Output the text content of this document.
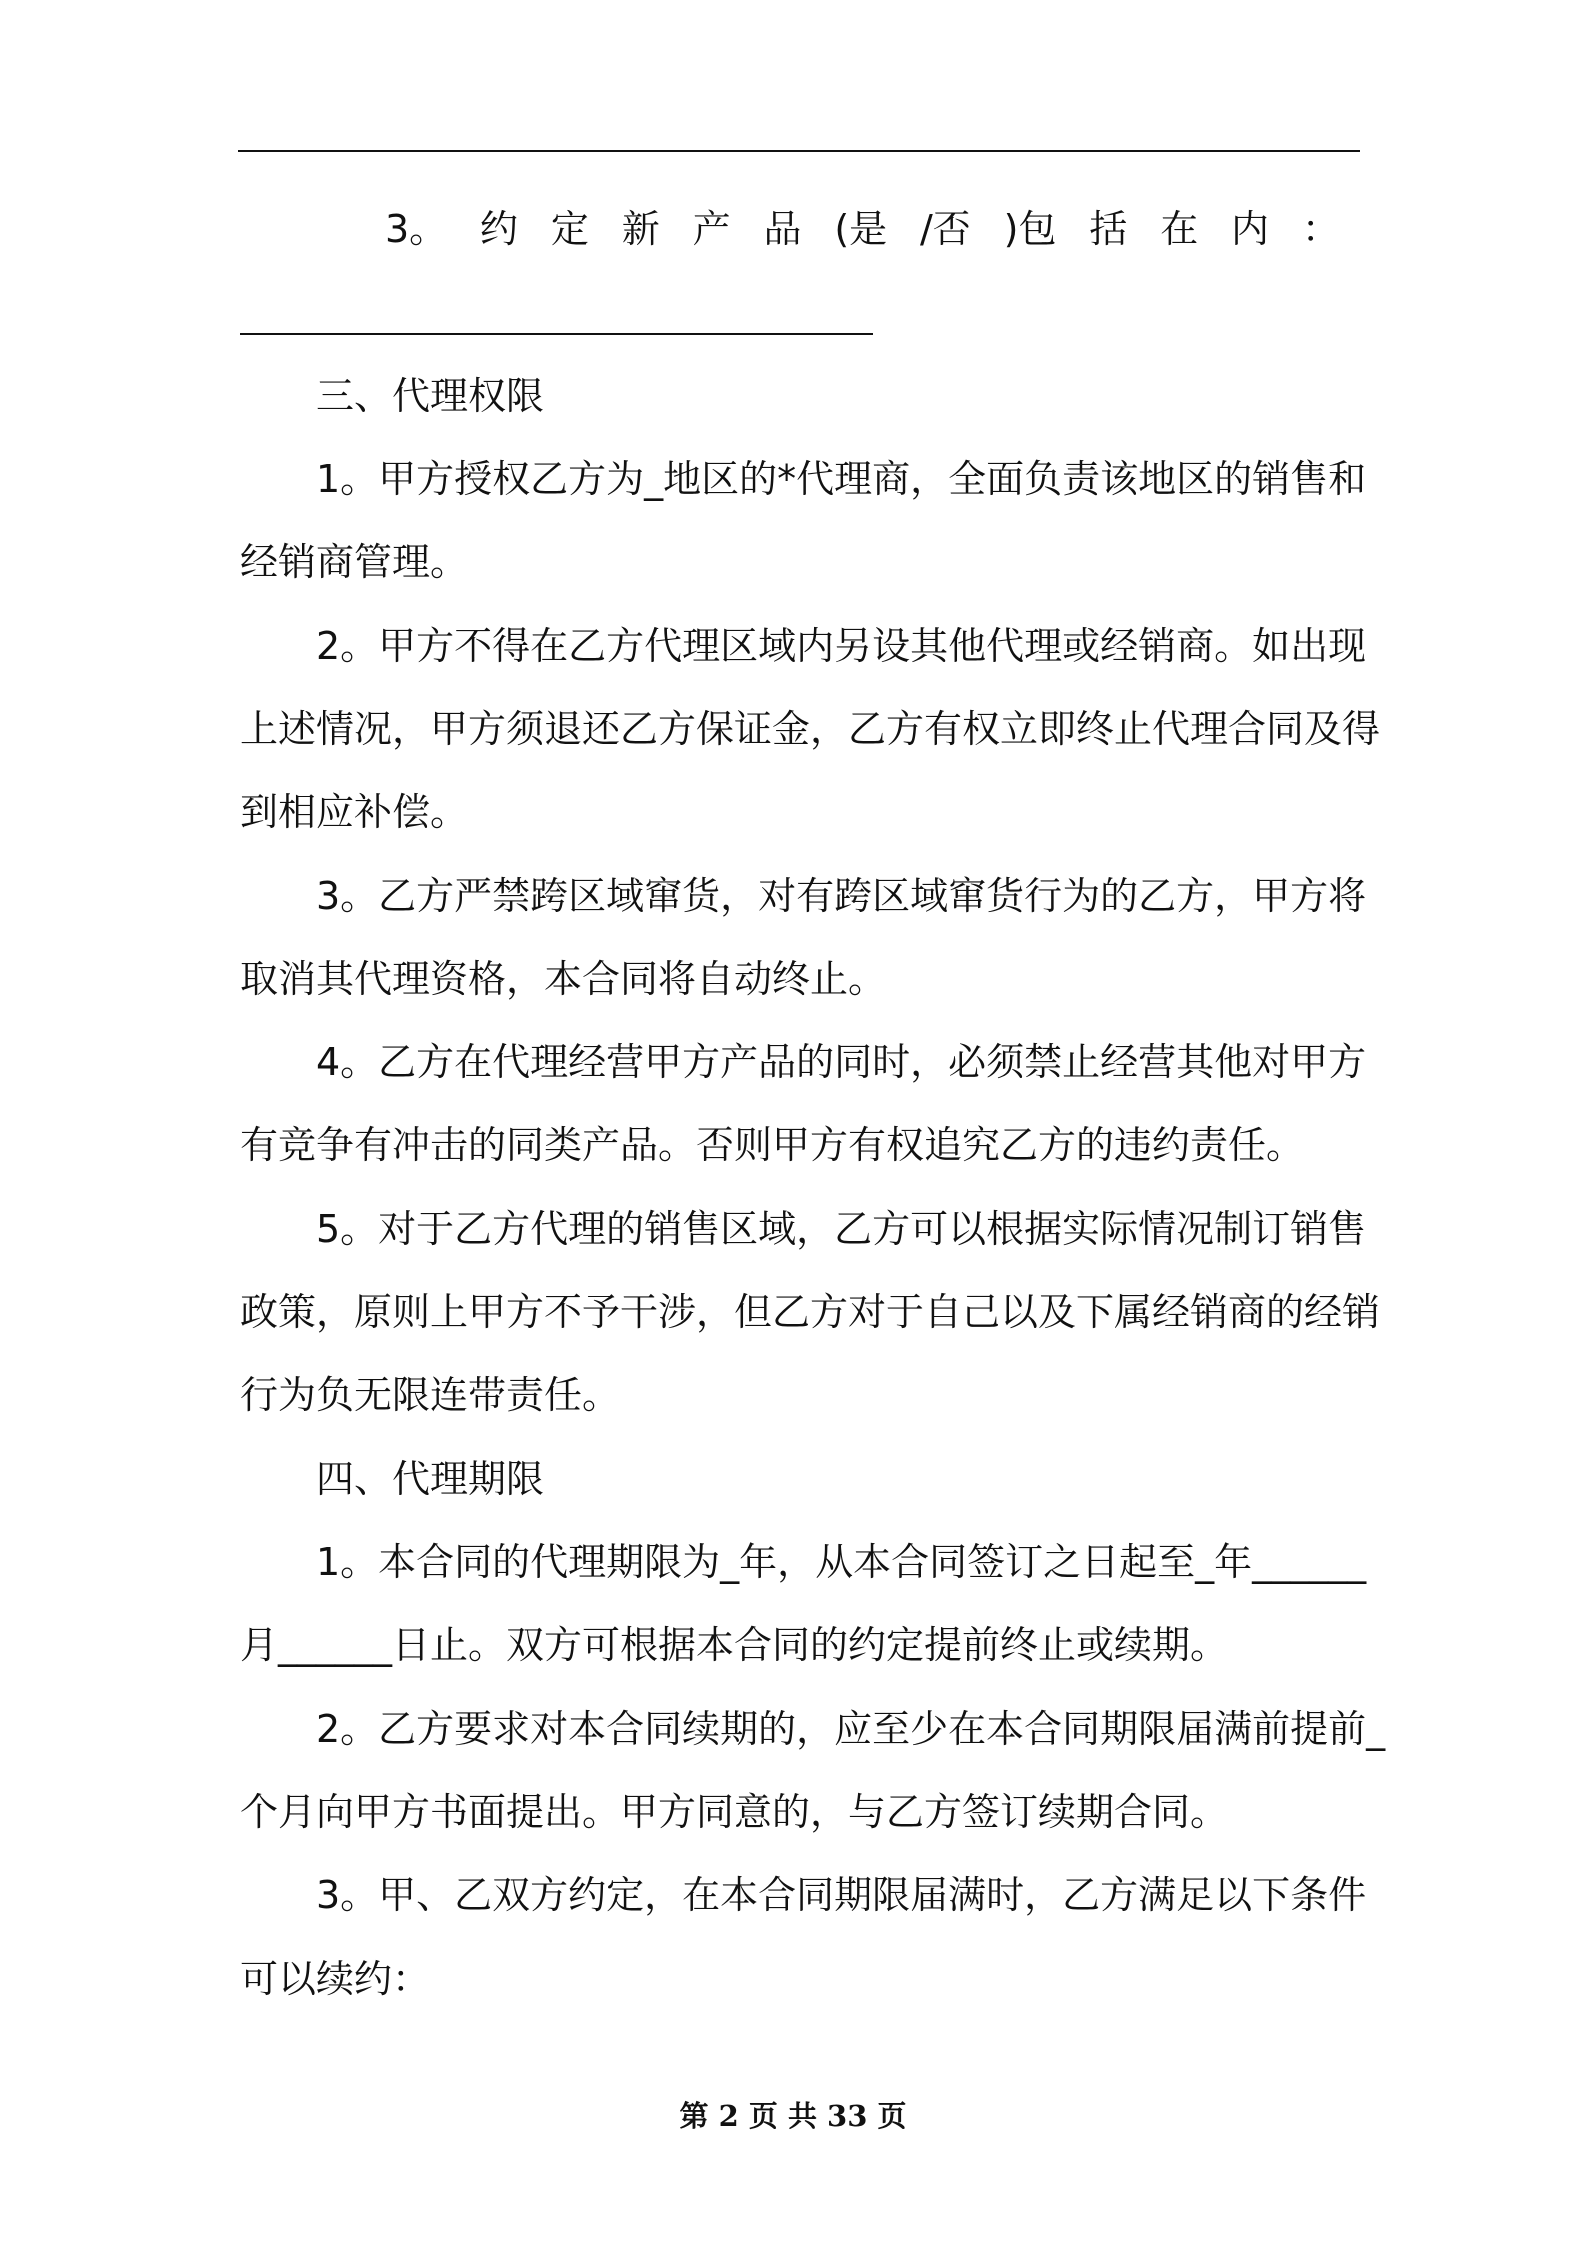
3。 约 定 新 产 品 (是 /否 )包 括 在 内 ：
三、代理权限
1。甲方授权乙方为_地区的*代理商，全面负责该地区的销售和
经销商管理。
2。甲方不得在乙方代理区域内另设其他代理或经销商。如出现
上述情况，甲方须退还乙方保证金，乙方有权立即终止代理合同及得
到相应补偿。
3。乙方严禁跨区域窜货，对有跨区域窜货行为的乙方，甲方将
取消其代理资格，本合同将自动终止。
4。乙方在代理经营甲方产品的同时，必须禁止经营其他对甲方
有竞争有冲击的同类产品。否则甲方有权追究乙方的违约责任。
5。对于乙方代理的销售区域，乙方可以根据实际情况制订销售
政策，原则上甲方不予干涉，但乙方对于自己以及下属经销商的经销
行为负无限连带责任。
四、代理期限
1。本合同的代理期限为_年，从本合同签订之日起至_年______
月______日止。双方可根据本合同的约定提前终止或续期。
2。乙方要求对本合同续期的，应至少在本合同期限届满前提前_
个月向甲方书面提出。甲方同意的，与乙方签订续期合同。
3。甲、乙双方约定，在本合同期限届满时，乙方满足以下条件
可以续约：
第 2 页 共 33 页
